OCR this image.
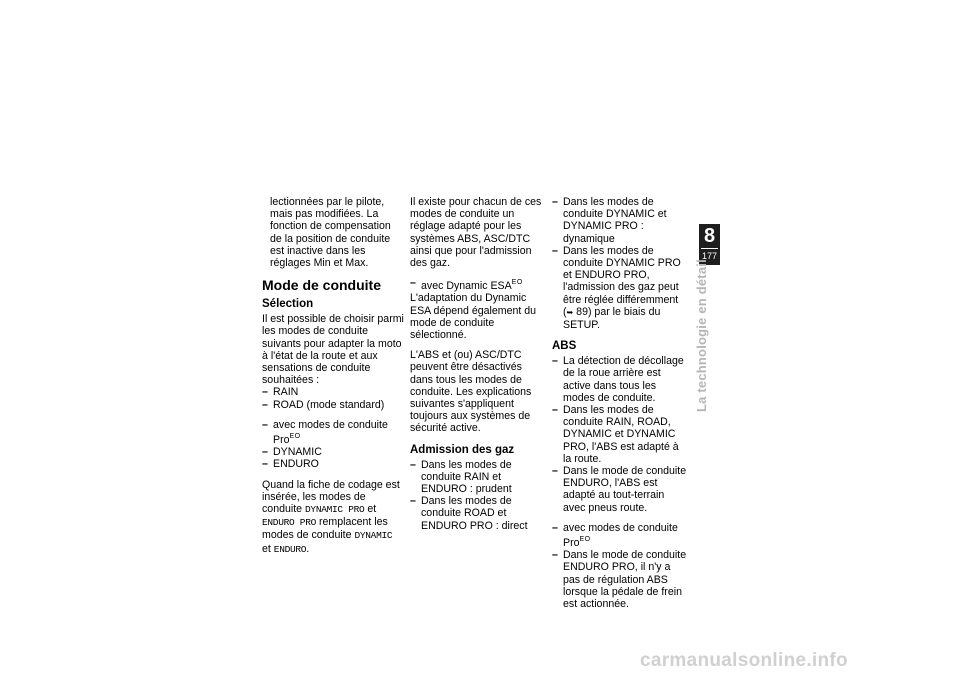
lectionnées par le pilote, mais pas modifiées. La fonction de compensation de la position de conduite est inactive dans les réglages Min et Max.

Mode de conduite
Sélection

Il est possible de choisir parmi les modes de conduite suivants pour adapter la moto à l'état de la route et aux sensations de conduite souhaitées :

– RAIN
– ROAD (mode standard)
– avec modes de conduite Pro$^{EO}$
– DYNAMIC
– ENDURO

Quand la fiche de codage est insérée, les modes de conduite DYNAMIC PRO et ENDURO PRO remplacent les modes de conduite DYNAMIC et ENDURO.

Il existe pour chacun de ces modes de conduite un réglage adapté pour les systèmes ABS, ASC/DTC ainsi que pour l'admission des gaz.

– avec Dynamic $ESA^{EO}$

L'adaptation du Dynamic ESA dépend également du mode de conduite sélectionné.

L'ABS et (ou) ASC/DTC peuvent être désactivés dans tous les modes de conduite. Les explications suivantes s'appliquent toujours aux systèmes de sécurité active.

Admission des gaz
– Dans les modes de conduite RAIN et ENDURO : prudent
– Dans les modes de conduite ROAD et ENDURO PRO : direct
– Dans les modes de conduite DYNAMIC et DYNAMIC PRO : dynamique
– Dans les modes de conduite DYNAMIC PRO et ENDURO PRO, l'admission des gaz peut être réglée différemment (➥ 89) par le biais du SETUP.
ABS
– La détection de décollage de la roue arrière est active dans tous les modes de conduite.
– Dans les modes de conduite RAIN, ROAD, DYNAMIC et DYNAMIC PRO, l'ABS est adapté à la route.
– Dans le mode de conduite ENDURO, l'ABS est adapté au tout-terrain avec pneus route.
– avec modes de conduite Pro$^{EO}$
– Dans le mode de conduite ENDURO PRO, il n'y a pas de régulation ABS lorsque la pédale de frein est actionnée.
8
177
La technologie en détail
carmanualsonline.info
